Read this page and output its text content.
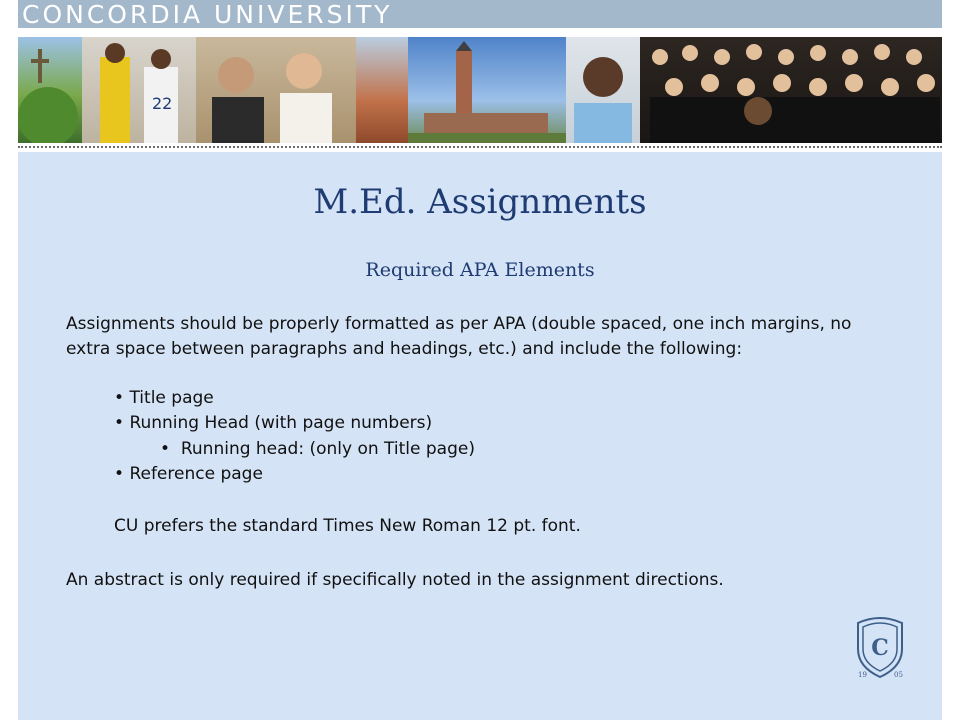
CONCORDIA UNIVERSITY
22
M.Ed. Assignments
Required APA Elements
Assignments should be properly formatted as per APA (double spaced, one inch margins, no extra space between paragraphs and headings, etc.) and include the following:
• Title page
• Running Head (with page numbers)
•  Running head: (only on Title page)
• Reference page
CU prefers the standard Times New Roman 12 pt. font.
An abstract is only required if specifically noted in the assignment directions.
C
19	05
